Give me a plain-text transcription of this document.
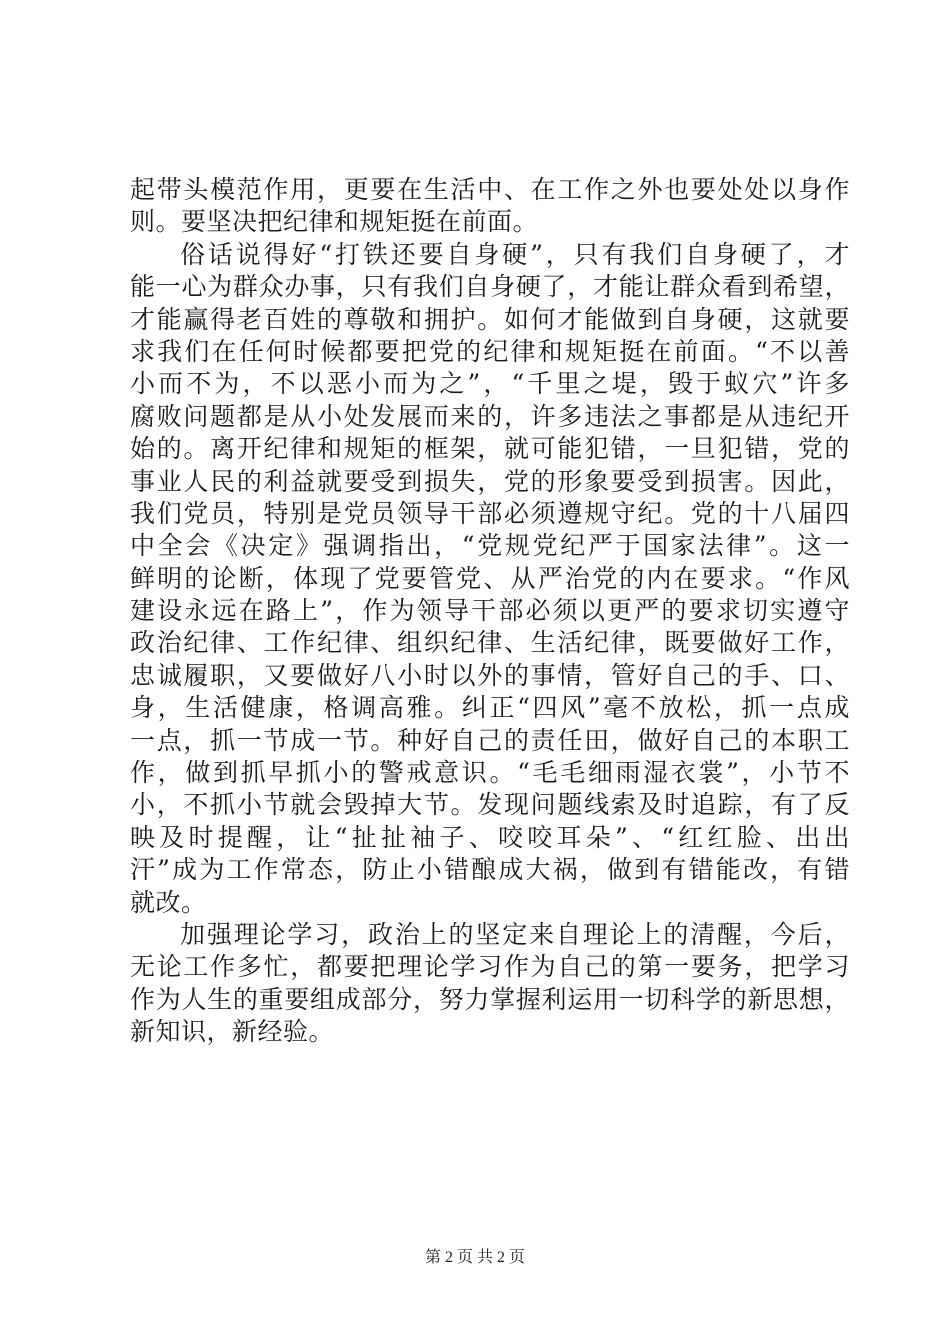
起带头模范作用，更要在生活中、在工作之外也要处处以身作
则。要坚决把纪律和规矩挺在前面。
俗话说得好“打铁还要自身硬”，只有我们自身硬了，才
能一心为群众办事，只有我们自身硬了，才能让群众看到希望，
才能赢得老百姓的尊敬和拥护。如何才能做到自身硬，这就要
求我们在任何时候都要把党的纪律和规矩挺在前面。“不以善
小而不为，不以恶小而为之”，“千里之堤，毁于蚁穴”许多
腐败问题都是从小处发展而来的，许多违法之事都是从违纪开
始的。离开纪律和规矩的框架，就可能犯错，一旦犯错，党的
事业人民的利益就要受到损失，党的形象要受到损害。因此，
我们党员，特别是党员领导干部必须遵规守纪。党的十八届四
中全会《决定》强调指出，“党规党纪严于国家法律”。这一
鲜明的论断，体现了党要管党、从严治党的内在要求。“作风
建设永远在路上”，作为领导干部必须以更严的要求切实遵守
政治纪律、工作纪律、组织纪律、生活纪律，既要做好工作，
忠诚履职，又要做好八小时以外的事情，管好自己的手、口、
身，生活健康，格调高雅。纠正“四风”毫不放松，抓一点成
一点，抓一节成一节。种好自己的责任田，做好自己的本职工
作，做到抓早抓小的警戒意识。“毛毛细雨湿衣裳”，小节不
小，不抓小节就会毁掉大节。发现问题线索及时追踪，有了反
映及时提醒，让“扯扯袖子、咬咬耳朵”、“红红脸、出出
汗”成为工作常态，防止小错酿成大祸，做到有错能改，有错
就改。
加强理论学习，政治上的坚定来自理论上的清醒，今后，
无论工作多忙，都要把理论学习作为自己的第一要务，把学习
作为人生的重要组成部分，努力掌握利运用一切科学的新思想，
新知识，新经验。
第 2 页 共 2 页
